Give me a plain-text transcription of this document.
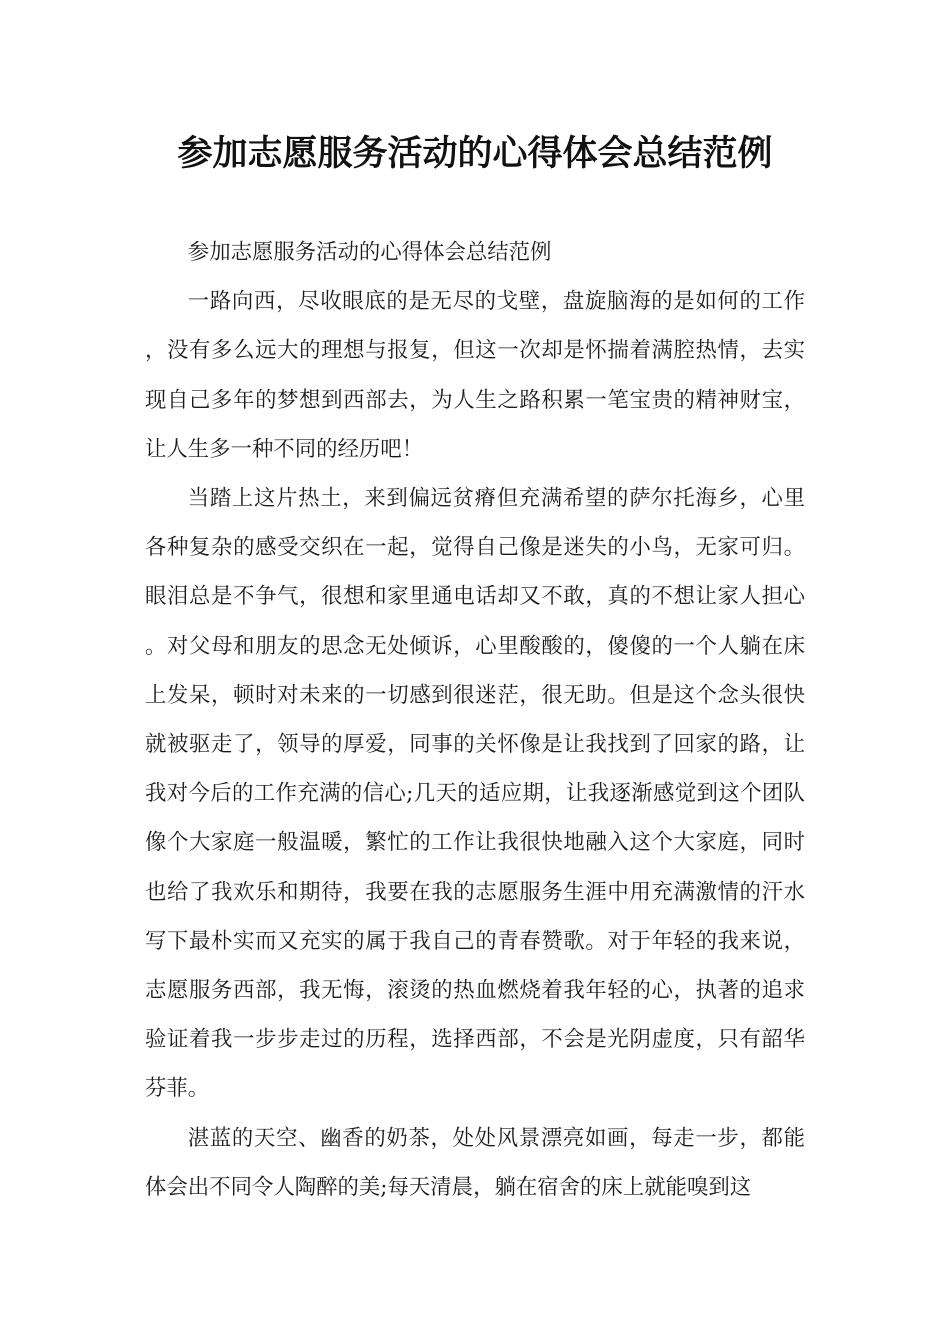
参加志愿服务活动的心得体会总结范例

参加志愿服务活动的心得体会总结范例

一路向西，尽收眼底的是无尽的戈壁，盘旋脑海的是如何的工作，没有多么远大的理想与报复，但这一次却是怀揣着满腔热情，去实现自己多年的梦想到西部去，为人生之路积累一笔宝贵的精神财宝，让人生多一种不同的经历吧！

当踏上这片热土，来到偏远贫瘠但充满希望的萨尔托海乡，心里各种复杂的感受交织在一起，觉得自己像是迷失的小鸟，无家可归。眼泪总是不争气，很想和家里通电话却又不敢，真的不想让家人担心。对父母和朋友的思念无处倾诉，心里酸酸的，傻傻的一个人躺在床上发呆，顿时对未来的一切感到很迷茫，很无助。但是这个念头很快就被驱走了，领导的厚爱，同事的关怀像是让我找到了回家的路，让我对今后的工作充满的信心;几天的适应期，让我逐渐感觉到这个团队像个大家庭一般温暖，繁忙的工作让我很快地融入这个大家庭，同时也给了我欢乐和期待，我要在我的志愿服务生涯中用充满激情的汗水写下最朴实而又充实的属于我自己的青春赞歌。对于年轻的我来说，志愿服务西部，我无悔，滚烫的热血燃烧着我年轻的心，执著的追求验证着我一步步走过的历程，选择西部，不会是光阴虚度，只有韶华芬菲。

湛蓝的天空、幽香的奶茶，处处风景漂亮如画，每走一步，都能体会出不同令人陶醉的美;每天清晨，躺在宿舍的床上就能嗅到这
